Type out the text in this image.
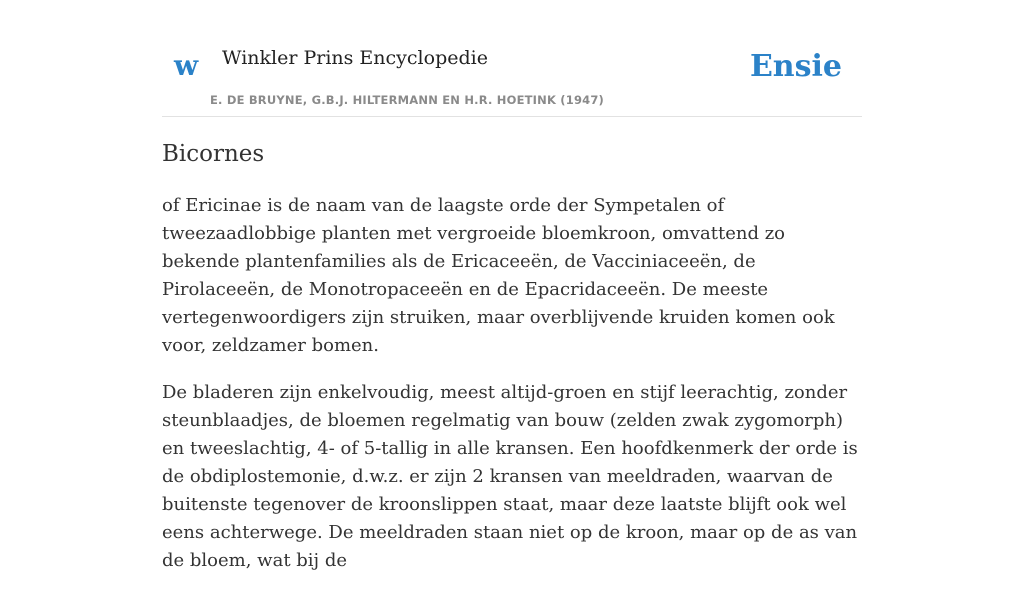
w Winkler Prins Encyclopedie
E. DE BRUYNE, G.B.J. HILTERMANN EN H.R. HOETINK (1947)
Ensie
Bicornes

of Ericinae is de naam van de laagste orde der Sympetalen of tweezaadlobbige planten met vergroeide bloemkroon, omvattend zo bekende plantenfamilies als de Ericaceeën, de Vacciniaceeën, de Pirolaceeën, de Monotropaceeën en de Epacridaceeën. De meeste vertegenwoordigers zijn struiken, maar overblijvende kruiden komen ook voor, zeldzamer bomen.

De bladeren zijn enkelvoudig, meest altijd-groen en stijf leerachtig, zonder steunblaadjes, de bloemen regelmatig van bouw (zelden zwak zygomorph) en tweeslachtig, 4- of 5-tallig in alle kransen. Een hoofdkenmerk der orde is de obdiplostemonie, d.w.z. er zijn 2 kransen van meeldraden, waarvan de buitenste tegenover de kroonslippen staat, maar deze laatste blijft ook wel eens achterwege. De meeldraden staan niet op de kroon, maar op de as van de bloem, wat bij de
